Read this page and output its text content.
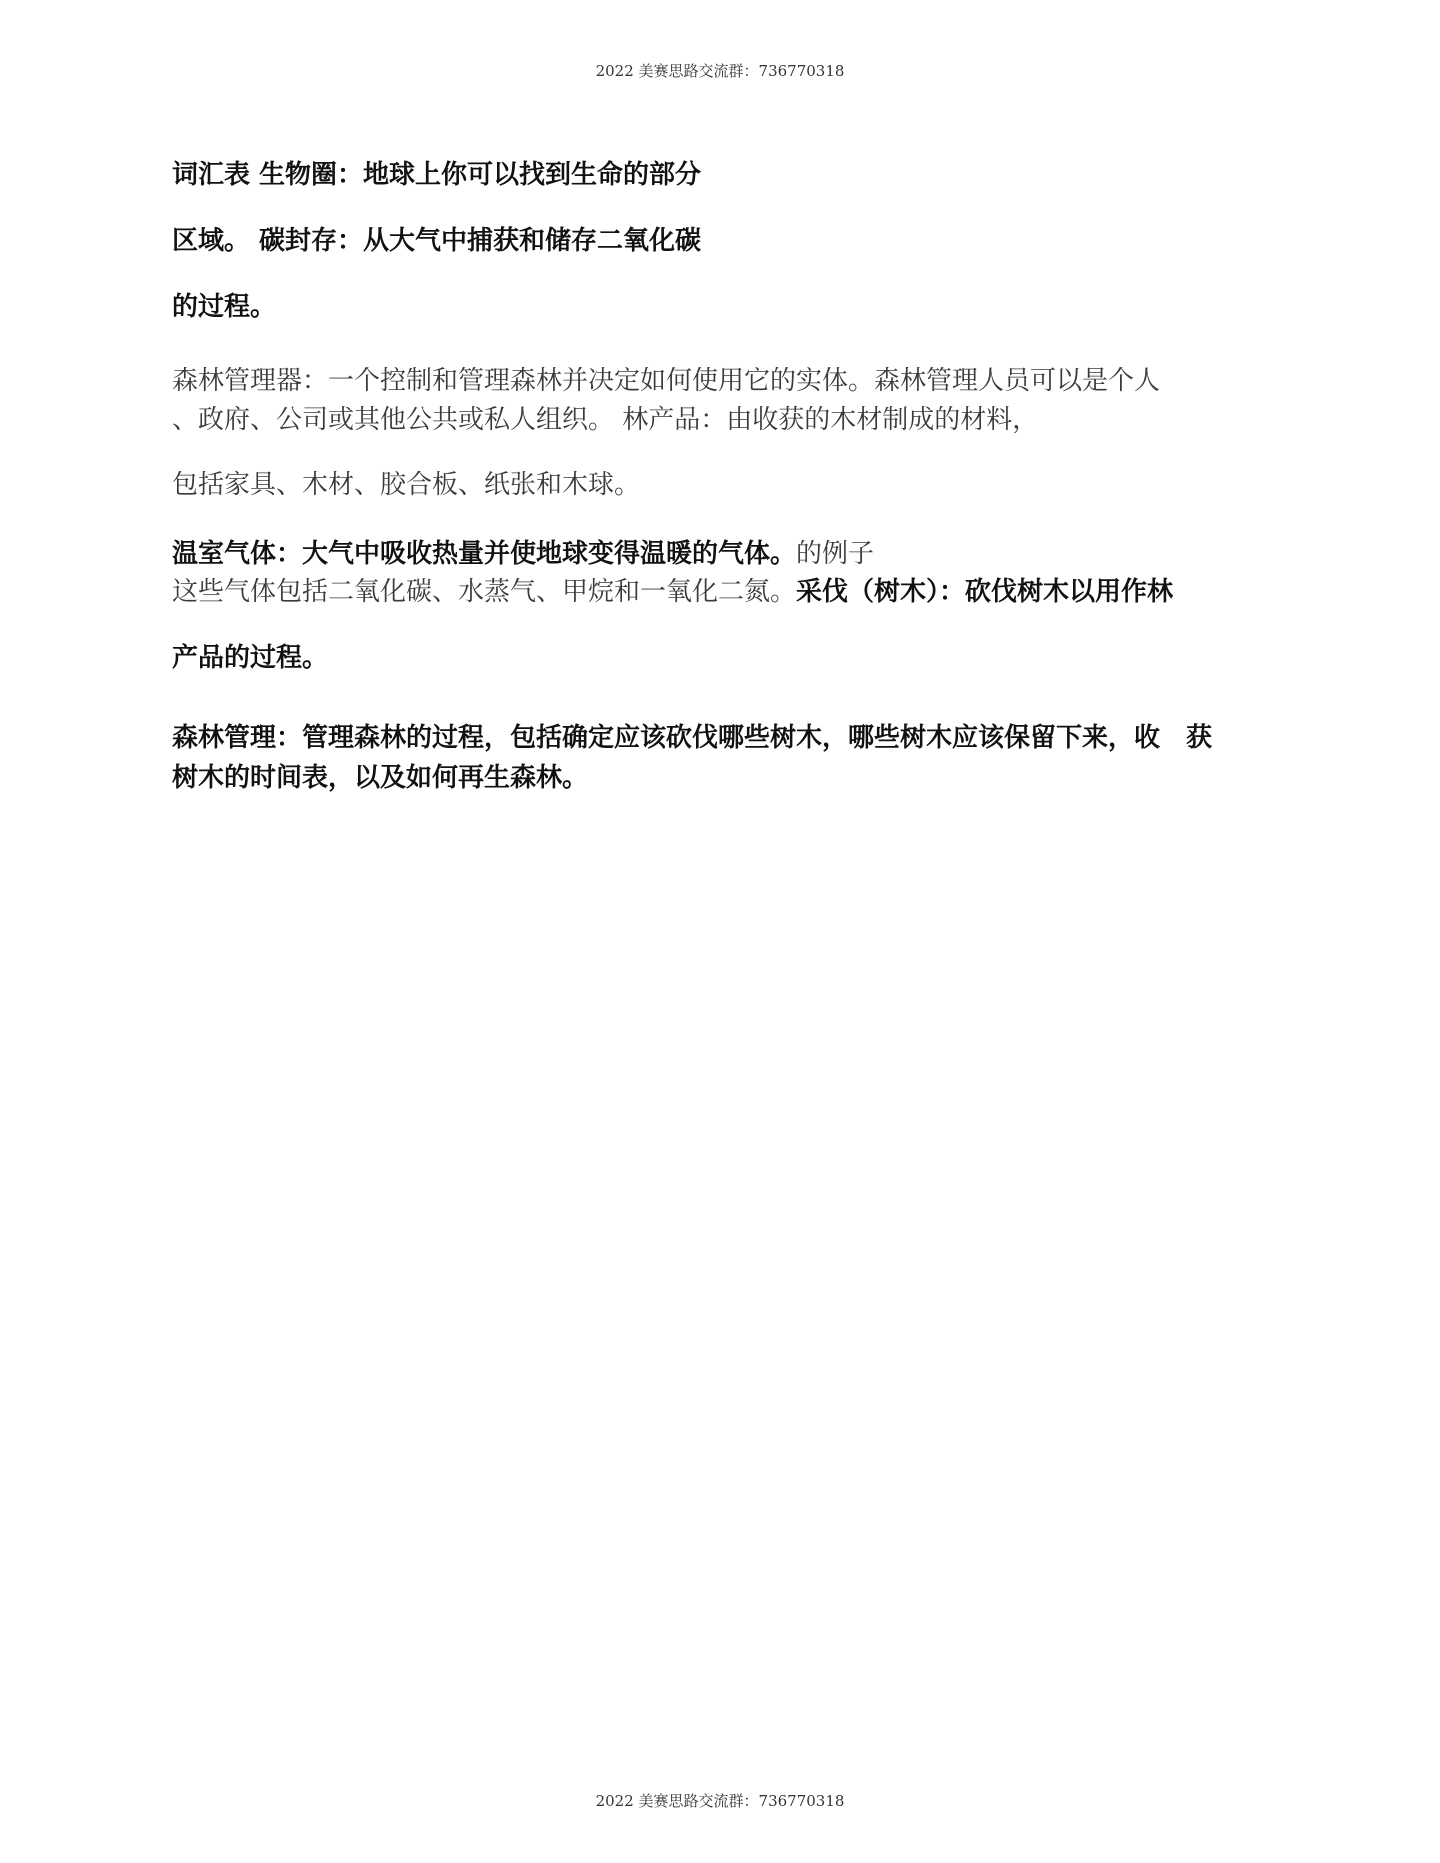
2022 美赛思路交流群：736770318
词汇表 生物圈：地球上你可以找到生命的部分
区域。 碳封存：从大气中捕获和储存二氧化碳
的过程。
森林管理器：一个控制和管理森林并决定如何使用它的实体。森林管理人员可以是个人
、政府、公司或其他公共或私人组织。 林产品：由收获的木材制成的材料，
包括家具、木材、胶合板、纸张和木球。
温室气体：大气中吸收热量并使地球变得温暖的气体。的例子
这些气体包括二氧化碳、水蒸气、甲烷和一氧化二氮。采伐（树木）：砍伐树木以用作林
产品的过程。
森林管理：管理森林的过程，包括确定应该砍伐哪些树木，哪些树木应该保留下来，收　获
树木的时间表，以及如何再生森林。
2022 美赛思路交流群：736770318
